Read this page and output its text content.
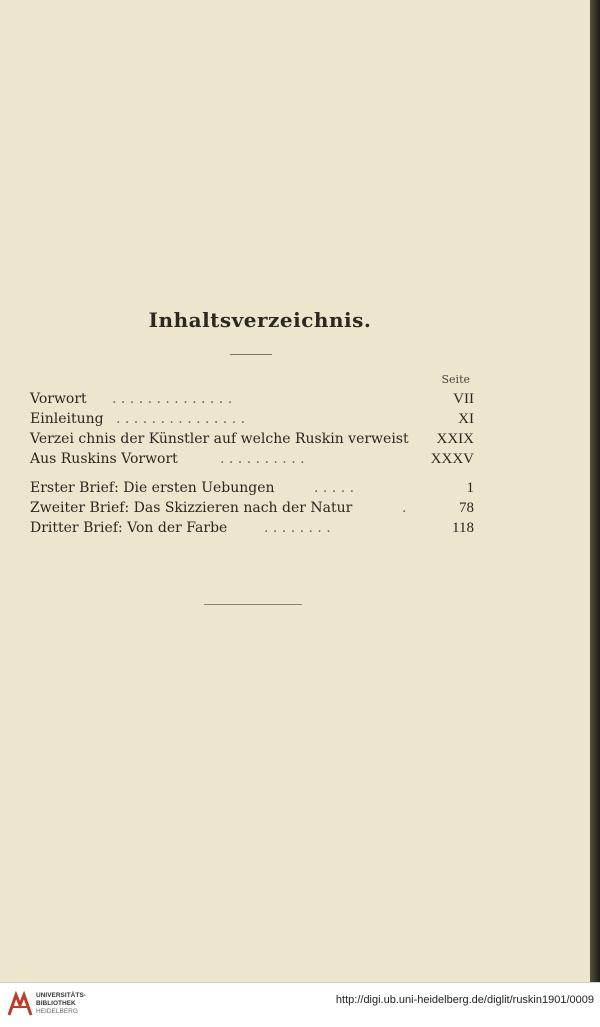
Inhaltsverzeichnis.
Seite
Vorwort . . . . . . . . . . . . . .	VII
Einleitung . . . . . . . . . . . . . . .	XI
Verzei chnis der Künstler auf welche Ruskin verweist XXIX
Aus Ruskins Vorwort	. . . . . . . . . .	XXXV
Erster Brief: Die ersten Uebungen	. . . . .	1
Zweiter Brief: Das Skizzieren nach der Natur	.	78
Dritter Brief: Von der Farbe	. . . . . . . .	118
UNIVERSITÄTS-
BIBLIOTHEK
HEIDELBERG
http://digi.ub.uni-heidelberg.de/diglit/ruskin1901/0009
